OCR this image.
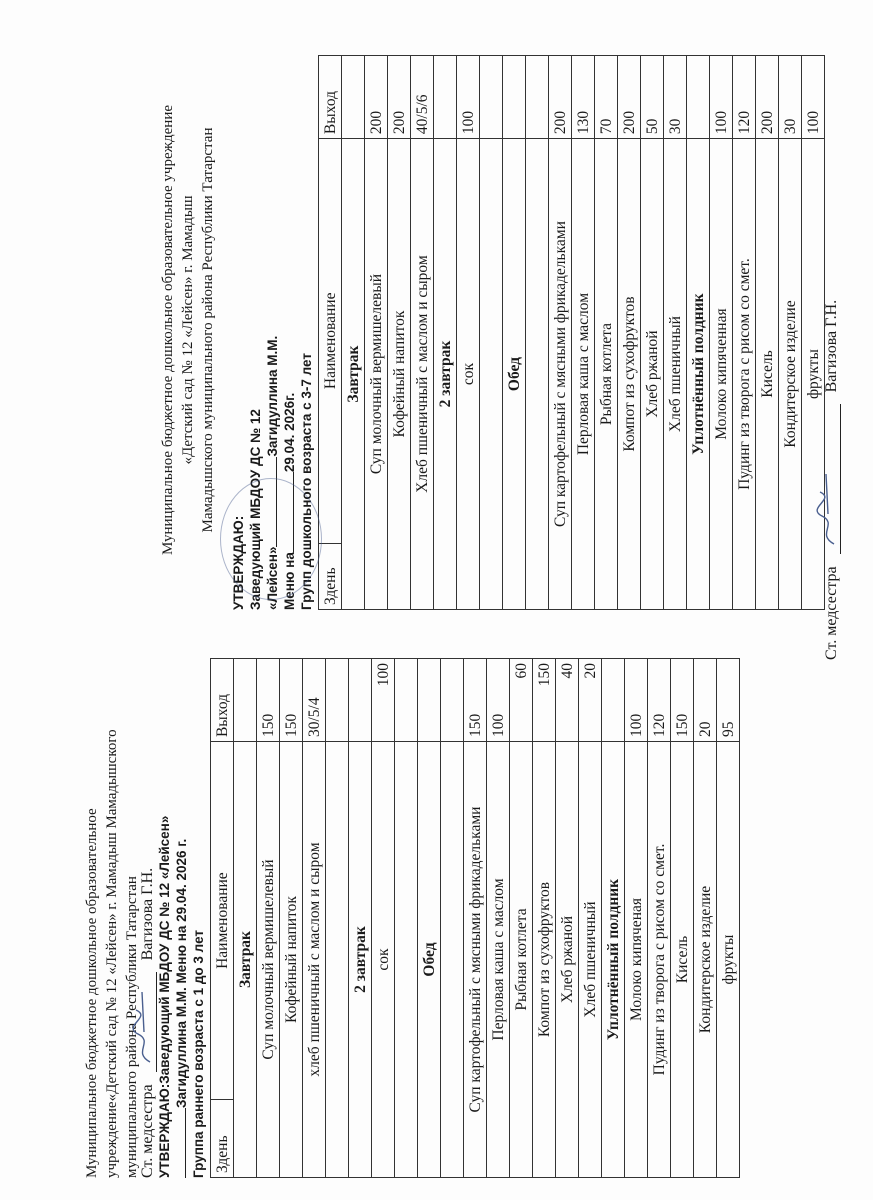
Муниципальное бюджетное дошкольное образовательное учреждение«Детский сад № 12 «Лейсен» г. Мамадыш Мамадышского муниципального района Республики Татарстан УТВЕРЖДАЮ:Заведующий МБДОУ ДС № 12 «Лейсен» Загидуллина М.М. Меню на 29.04. 2026 г. Группа раннего возраста с 1 до 3 лет Здень	Наименование	Выход
Завтрак		
Суп молочный вермишелевый		150
Кофейный напиток		150
хлеб пшеничный с маслом и сыром		30/5/4

2 завтрак		
сок		100

Обед		

Суп картофельный с мясными фрикадельками		150
Перловая каша с маслом		100
Рыбная котлета		60
Компот из сухофруктов		150
Хлеб ржаной		40
Хлеб пшеничный		20
Уплотнённый полдник		
Молоко кипяченая		100
Пудинг из творога с рисом со смет.		120
Кисель		150
Кондитерское изделие		20
фрукты		95
Ст. медсестра  Вагизова Г.Н.
Муниципальное бюджетное дошкольное образовательное учреждение «Детский сад № 12 «Лейсен» г. Мамадыш Мамадышского муниципального района Республики Татарстан
УТВЕРЖДАЮ: Заведующий МБДОУ ДС № 12 «Лейсен»Загидуллина М.М.
Меню на29.04. 2026г. Групп дошкольного возраста с 3-7 лет Здень	Наименование	Выход
Завтрак		
Суп молочный вермишелевый		200
Кофейный напиток		200
Хлеб пшеничный с маслом и сыром		40/5/6
2 завтрак		
сок		100

Обед		

Суп картофельный с мясными фрикадельками		200
Перловая каша с маслом		130
Рыбная котлета		70
Компот из сухофруктов		200
Хлеб ржаной		50
Хлеб пшеничный		30
Уплотнённый полдник		
Молоко кипяченная		100
Пудинг из творога с рисом со смет.		120
Кисель		200
Кондитерское изделие		30
фрукты		100
Ст. медсестра  Вагизова Г.Н.
